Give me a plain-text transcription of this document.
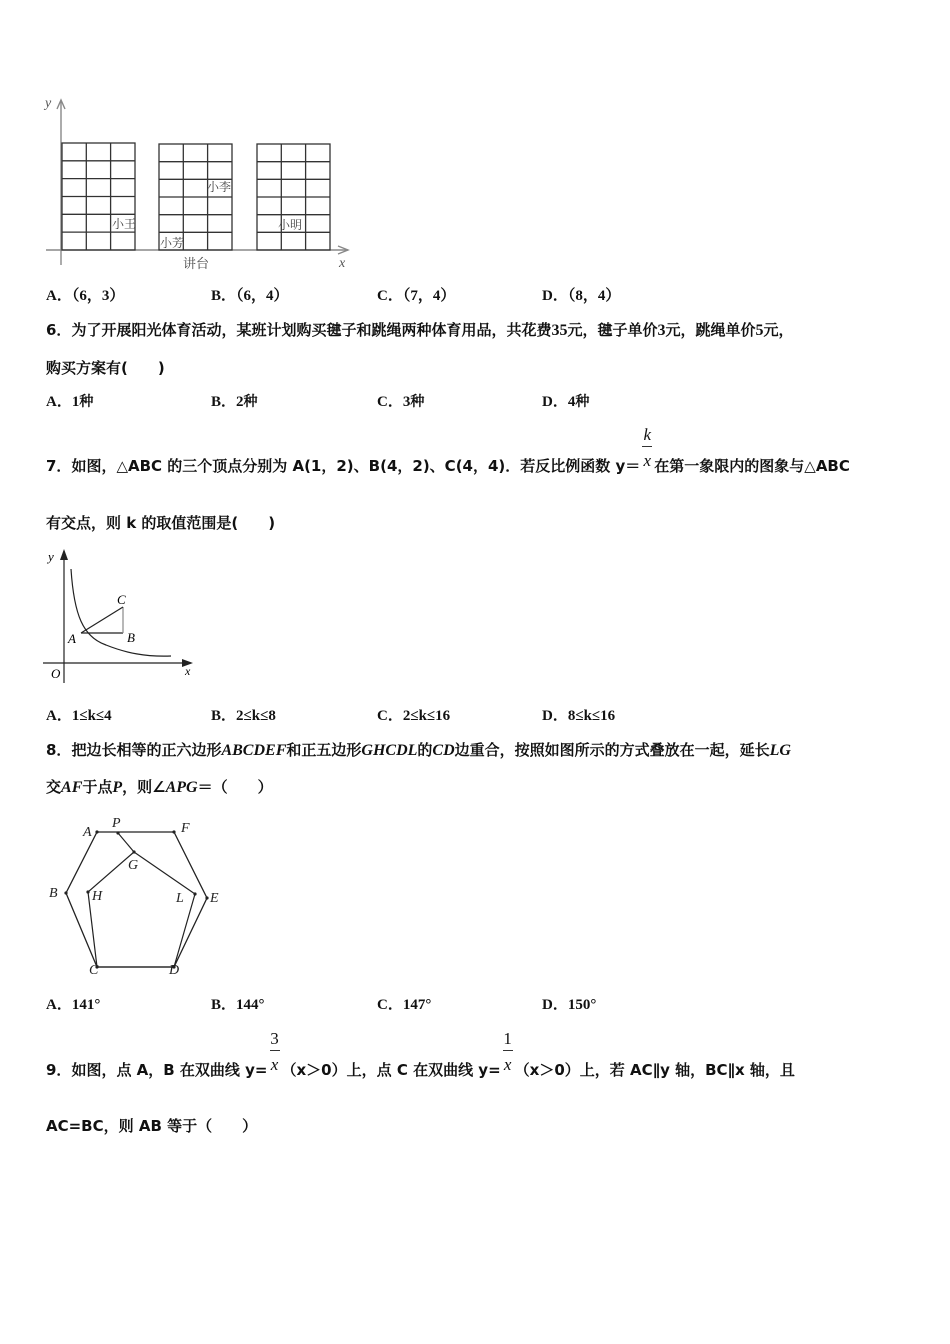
y
x
小王
小芳
小李
小明
讲台
A．（6，3）	B．（6，4）	C．（7，4）	D．（8，4）
6．为了开展阳光体育活动，某班计划购买毽子和跳绳两种体育用品，共花费35元，毽子单价3元，跳绳单价5元，
购买方案有(　　)
A．1种	B．2种	C．3种	D．4种
7．如图，△ABC 的三个顶点分别为 A(1，2)、B(4，2)、C(4，4)．若反比例函数 $y= \frac{k}{x}$ 在第一象限内的图象与△ABC
有交点，则 k 的取值范围是(　　)
y
x
O
A	B
C
A．1≤k≤4	B．2≤k≤8	C．2≤k≤16	D．8≤k≤16
8．把边长相等的正六边形ABCDEF和正五边形GHCDL的CD边重合，按照如图所示的方式叠放在一起，延长LG
交AF于点P，则∠APG＝（　　）
A
P	F
G
B H	L E
C	D
A．141°	B．144°	C．147°	D．150°
9．如图，点 A，B 在双曲线 $y= \frac{3}{x} (x>0)$上，点 C 在双曲线 $y= \frac{1}{x} (x>0)$上，若 AC∥y 轴，BC∥x 轴，且
AC=BC，则 AB 等于（　　）
